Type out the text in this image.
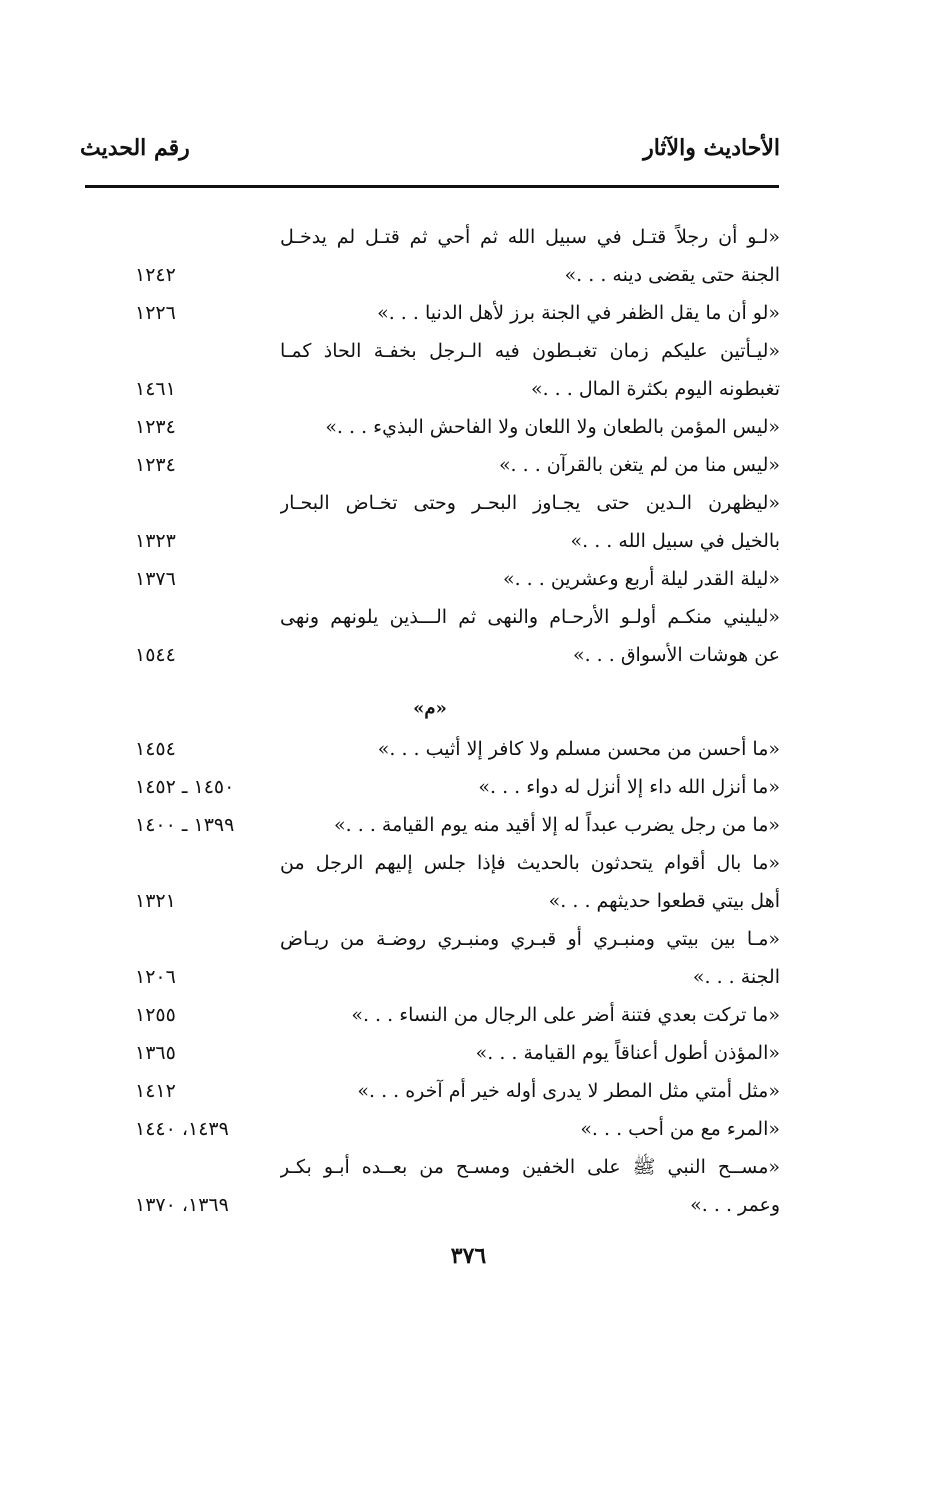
الأحاديث والآثار
رقم الحديث
«لـو أن رجلاً قتـل في سبيل الله ثم أحي ثم قتـل لم يدخـل
الجنة حتى يقضى دينه . . .»
١٢٤٢
«لو أن ما يقل الظفر في الجنة برز لأهل الدنيا . . .»
١٢٢٦
«ليـأتين عليكم زمان تغبـطون فيه الـرجل بخفـة الحاذ كمـا
تغبطونه اليوم بكثرة المال . . .»
١٤٦١
«ليس المؤمن بالطعان ولا اللعان ولا الفاحش البذيء . . .»
١٢٣٤
«ليس منا من لم يتغن بالقرآن . . .»
١٢٣٤
«ليظهرن الـدين حتى يجـاوز البحـر وحتى تخـاض البحـار
بالخيل في سبيل الله . . .»
١٣٢٣
«ليلة القدر ليلة أربع وعشرين . . .»
١٣٧٦
«ليليني منكـم أولـو الأرحـام والنهى ثم الـــذين يلونهم ونهى
عن هوشات الأسواق . . .»
١٥٤٤
«م»
«ما أحسن من محسن مسلم ولا كافر إلا أثيب . . .»
١٤٥٤
«ما أنزل الله داء إلا أنزل له دواء . . .»
١٤٥٠ ـ ١٤٥٢
«ما من رجل يضرب عبداً له إلا أقيد منه يوم القيامة . . .»
١٣٩٩ ـ ١٤٠٠
«ما بال أقوام يتحدثون بالحديث فإذا جلس إليهم الرجل من
أهل بيتي قطعوا حديثهم . . .»
١٣٢١
«مـا بين بيتي ومنبـري أو قبـري ومنبـري روضـة من ريـاض
الجنة . . .»
١٢٠٦
«ما تركت بعدي فتنة أضر على الرجال من النساء . . .»
١٢٥٥
«المؤذن أطول أعناقاً يوم القيامة . . .»
١٣٦٥
«مثل أمتي مثل المطر لا يدرى أوله خير أم آخره . . .»
١٤١٢
«المرء مع من أحب . . .»
١٤٣٩، ١٤٤٠
«مســح النبي ﷺ على الخفين ومسـح من بعــده أبـو بكـر
وعمر . . .»
١٣٦٩، ١٣٧٠
٣٧٦
